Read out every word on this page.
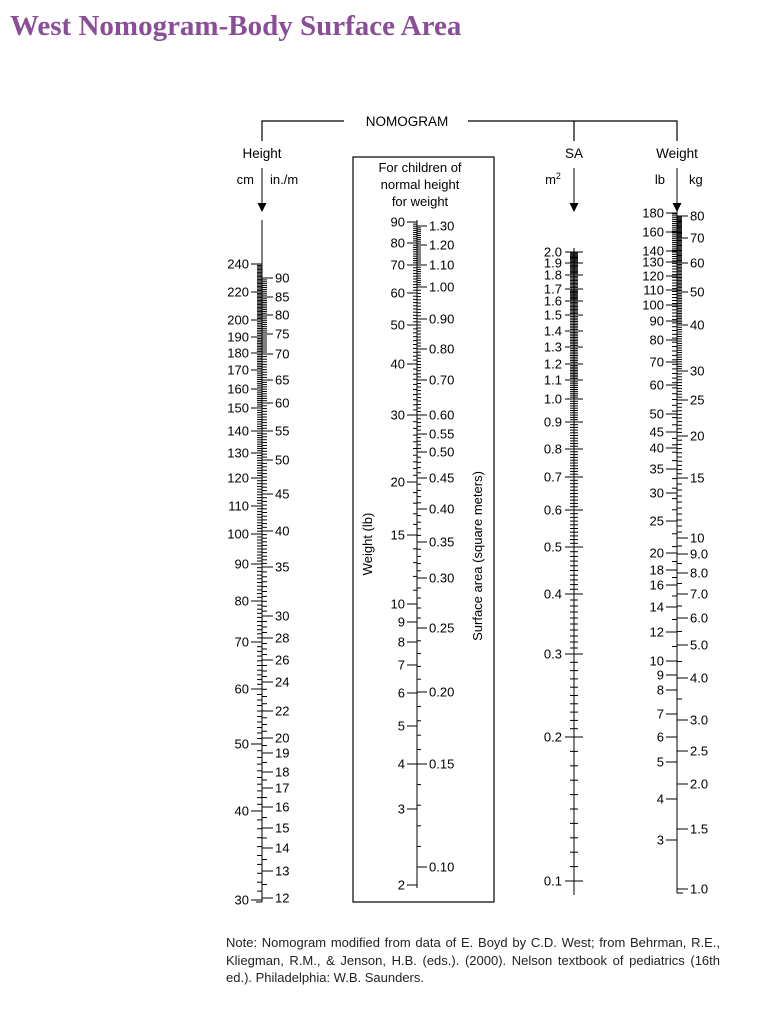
West Nomogram-Body Surface Area
NOMOGRAM
Height
cm in./m
SA
$m^2$
Weight
lb kg
For children of
normal height
for weight
Weight (lb)	Surface area (square meters)
240
220
200
190
180
170
160
150
140
130
120
110
100
90
80
70
60
50
40
30
90
85
80
75
70
65
60
55
50
45
40
35
30
28
26
24
22
20
19
18
17
16
15
14
13
12
90
80
70
60
50
40
30
20
15
10
9
8
7
6
5
4
3
2
1.30
1.20
1.10
1.00
0.90
0.80
0.70
0.60
0.55
0.50
0.45
0.40
0.35
0.30
0.25
0.20
0.15
0.10
2.0
1.9
1.8
1.7
1.6
1.5
1.4
1.3
1.2
1.1
1.0
0.9
0.8
0.7
0.6
0.5
0.4
0.3
0.2
0.1
180
160
140
130
120
110
100
90
80
70
60
50
45
40
35
30
25
20
18
16
14
12
10
9
8
7
6
5
4
3
80
70
60
50
40
30
25
20
15
10
9.0
8.0
7.0
6.0
5.0
4.0
3.0
2.5
2.0
1.5
1.0

Note: Nomogram modified from data of E. Boyd by C.D. West; from Behrman, R.E., Kliegman, R.M., & Jenson, H.B. (eds.). (2000). Nelson textbook of pediatrics (16th ed.). Philadelphia: W.B. Saunders.
